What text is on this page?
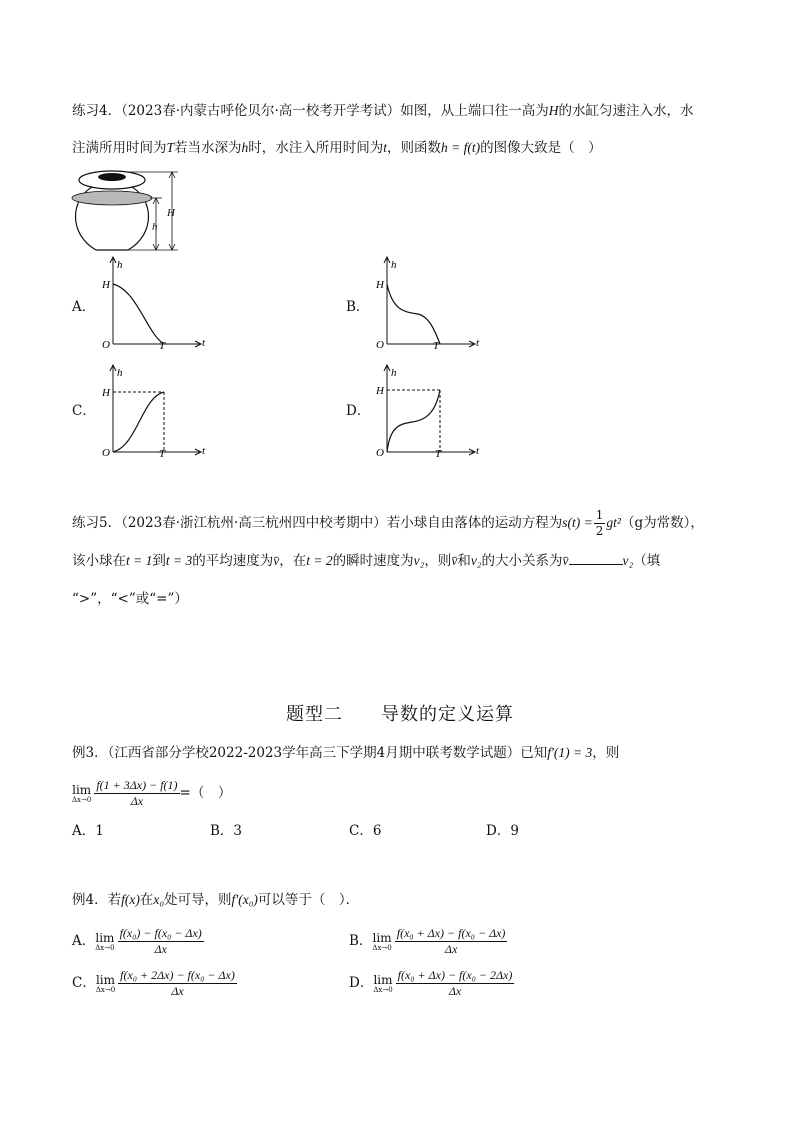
练习4．（2023春·内蒙古呼伦贝尔·高一校考开学考试）如图，从上端口往一高为H的水缸匀速注入水，水
注满所用时间为T若当水深为h时，水注入所用时间为t，则函数h = f(t)的图像大致是（　）
H
h
A．
h
H
O	T	t
B．
h
H
O	T	t
C．
h
H
O	T	t
D．
h
H
O	T	t
练习5．（2023春·浙江杭州·高三杭州四中校考期中）若小球自由落体的运动方程为$s(t) = \frac{1}{2} gt^2(g$为常数），
该小球在t = 1到t = 3的平均速度为v̄，在t = 2的瞬时速度为v₂，则v̄和v₂的大小关系为v̄	v₂（填
“>”，“<”或“=”）
题型二　　导数的定义运算
例3．（江西省部分学校2022-2023学年高三下学期4月期中联考数学试题）已知f′(1) = 3，则
lim
$\Delta x\to 0 \frac{f(1 + 3\Delta x) - f(1)}{\Delta x}$ =（　）
A．1	B．3	C．6	D．9
例4．若f(x)在x₀处可导，则f′(x₀)可以等于（　）．
A．lim
$\Delta x\to 0 \frac{\text{f(x₀) − f(x₀ − Δx)}}{\Delta x}$	B．lim
$\Delta x\to 0 \frac{\text{f(x₀ + Δx) − f(x₀ − Δx)}}{\Delta x}$
C．lim
$\Delta x\to 0 \frac{\text{f(x₀ + 2Δx) − f(x₀ − Δx)}}{\Delta x}$	D．lim
$\Delta x\to 0 \frac{\text{f(x₀ + Δx) − f(x₀ − 2Δx)}}{\Delta x}$
